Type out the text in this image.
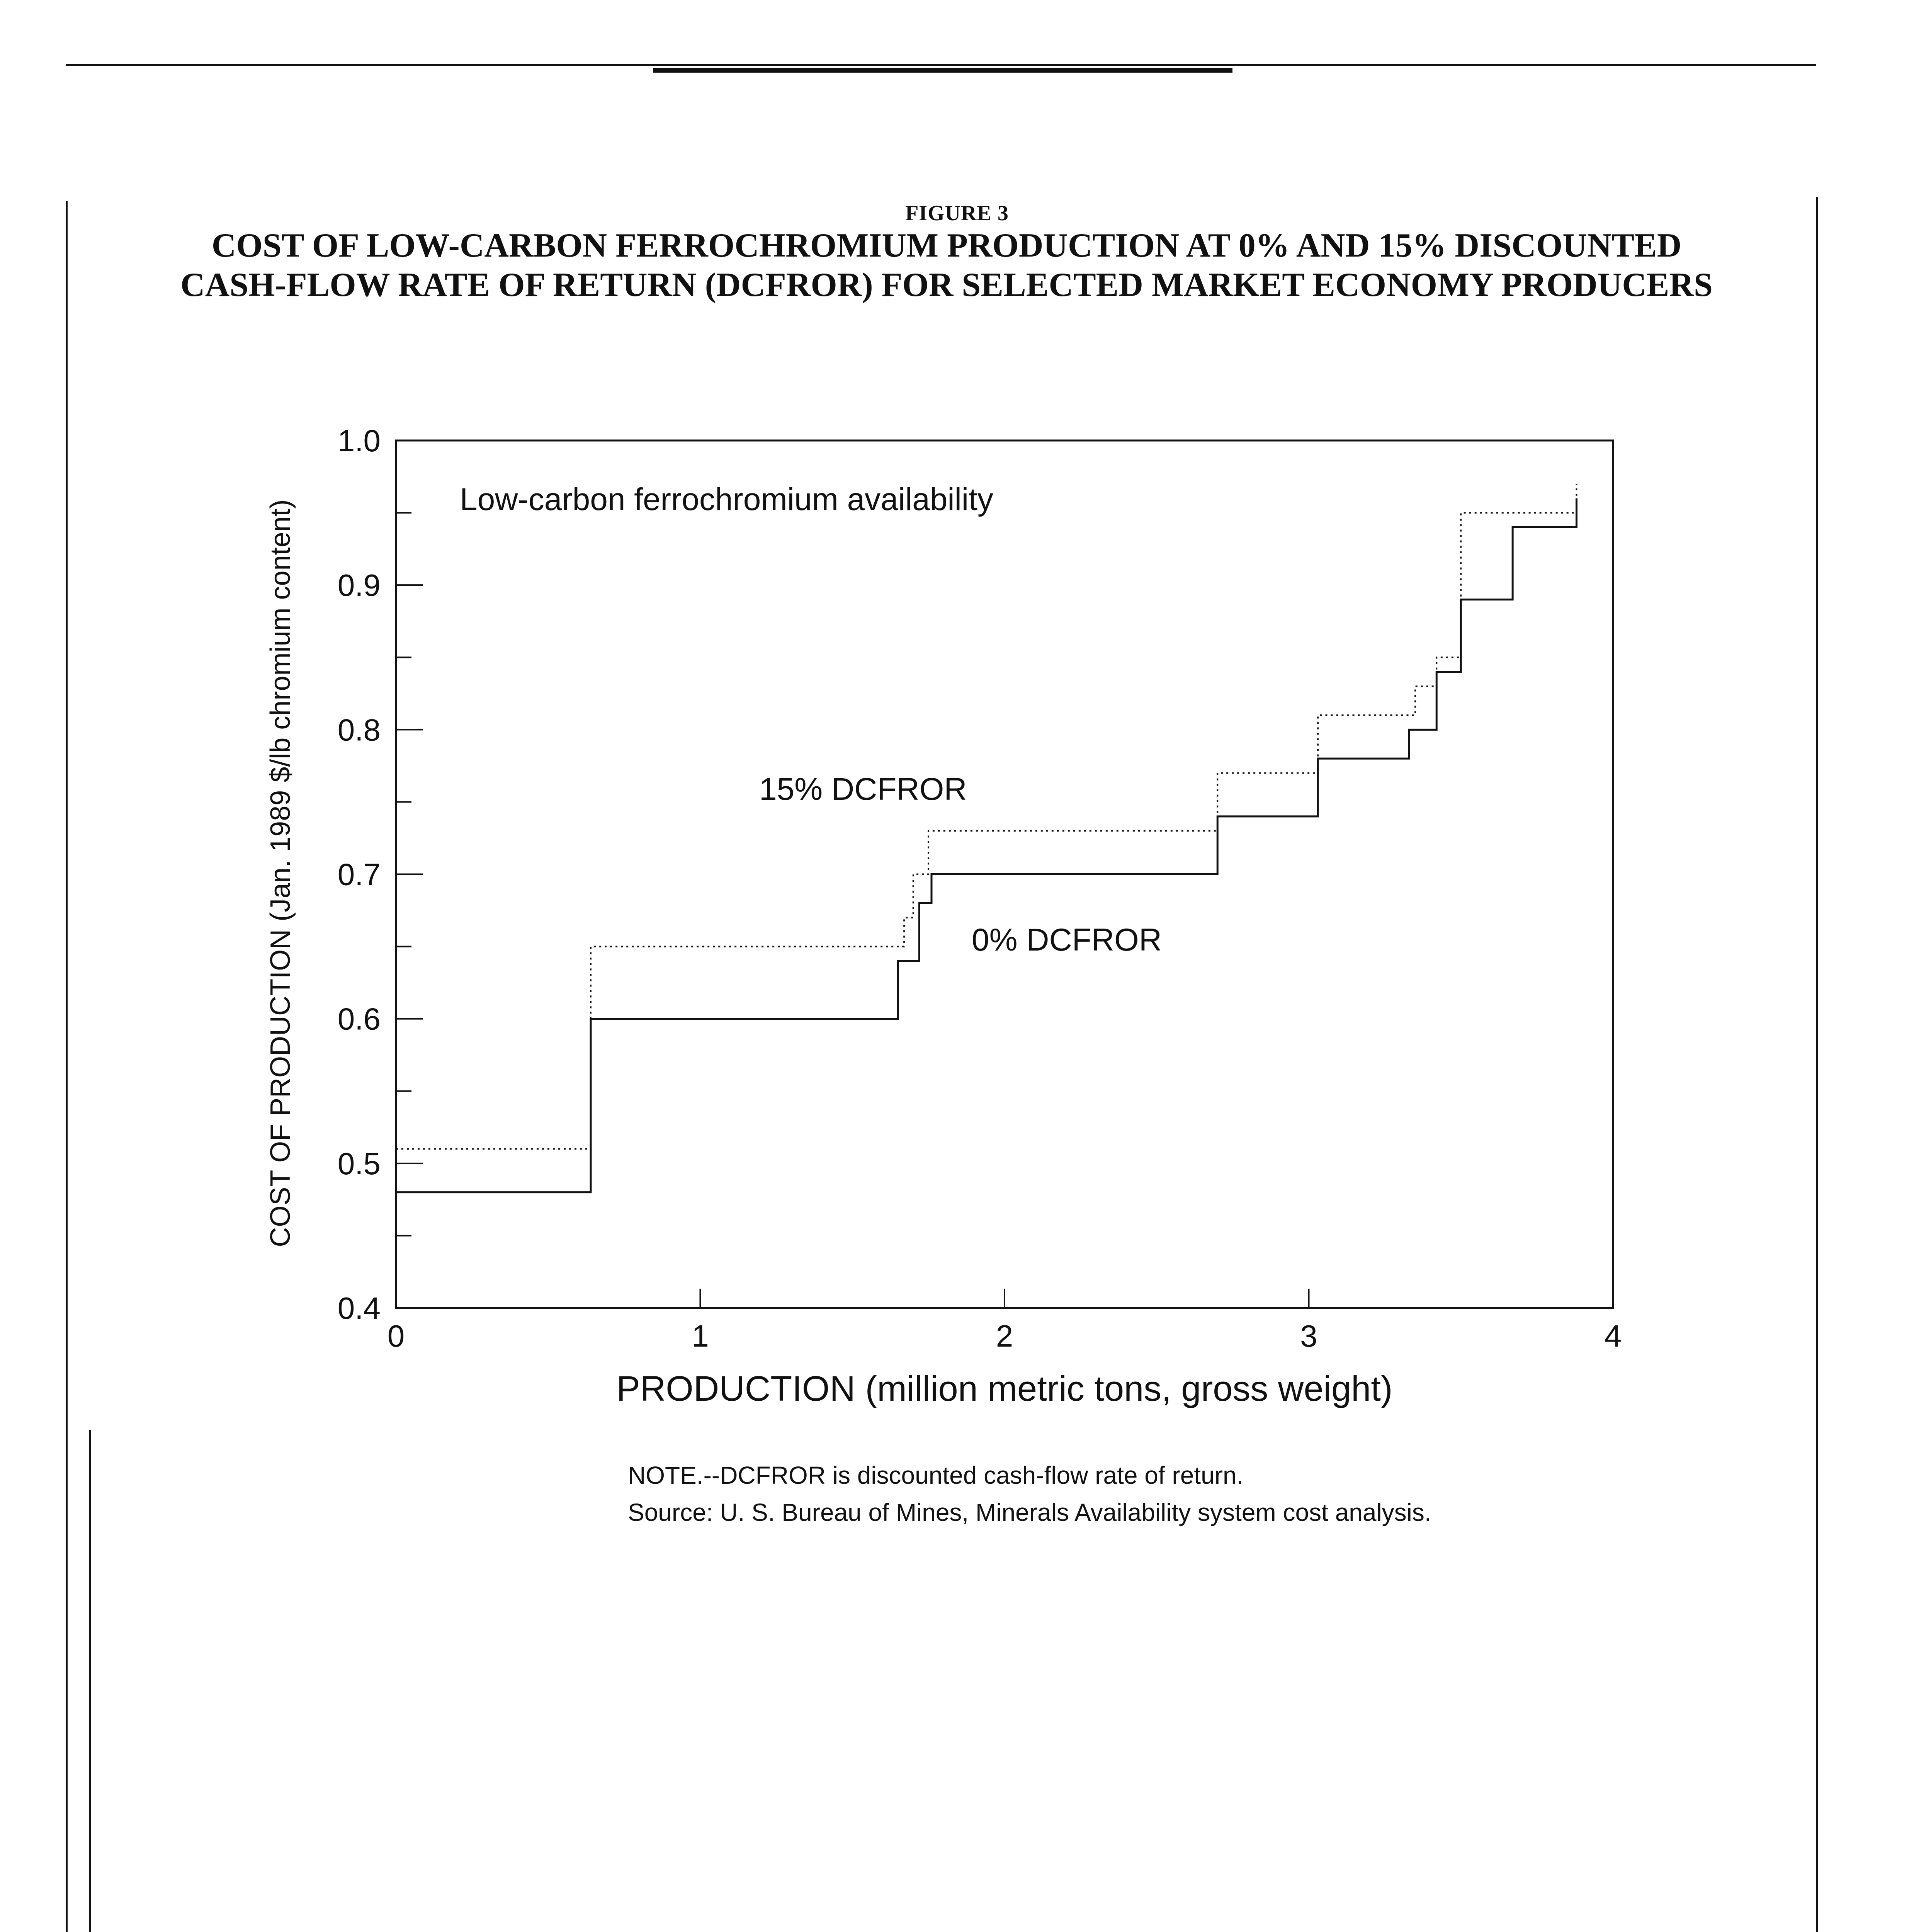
FIGURE 3
COST OF LOW-CARBON FERROCHROMIUM PRODUCTION AT 0% AND 15% DISCOUNTED
CASH-FLOW RATE OF RETURN (DCFROR) FOR SELECTED MARKET ECONOMY PRODUCERS
1.0
0.9
0.8
0.7
0.6
0.5
0.4
0	1	2	3	4
Low-carbon ferrochromium availability
15% DCFROR
0% DCFROR
PRODUCTION (million metric tons, gross weight)
COST OF PRODUCTION (Jan. 1989 $/lb chromium content)
NOTE.--DCFROR is discounted cash-flow rate of return.
Source: U. S. Bureau of Mines, Minerals Availability system cost analysis.
